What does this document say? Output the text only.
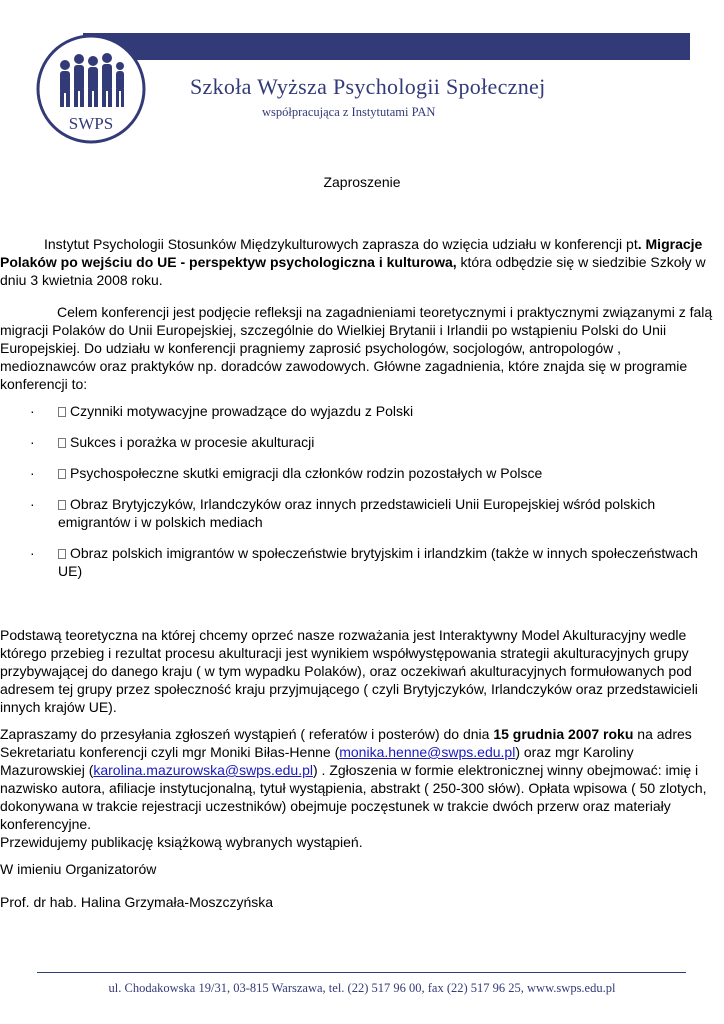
SWPS

Szkoła Wyższa Psychologii Społecznej

współpracująca z Instytutami PAN

Zaproszenie

Instytut Psychologii Stosunków Międzykulturowych zaprasza do wzięcia udziału w konferencji pt. Migracje Polaków po wejściu do UE - perspektyw psychologiczna i kulturowa, która odbędzie się w siedzibie Szkoły w dniu 3 kwietnia 2008 roku.

Celem konferencji jest podjęcie refleksji na zagadnieniami teoretycznymi i praktycznymi związanymi z falą migracji Polaków do Unii Europejskiej, szczególnie do Wielkiej Brytanii i Irlandii po wstąpieniu Polski do Unii Europejskiej. Do udziału w konferencji pragniemy zaprosić psychologów, socjologów, antropologów , medioznawców oraz praktyków np. doradców zawodowych. Główne zagadnienia, które znajda się w programie konferencji to:

·	Czynniki motywacyjne prowadzące do wyjazdu z Polski
·	Sukces i porażka w procesie akulturacji
·	Psychospołeczne skutki emigracji dla członków rodzin pozostałych w Polsce
·	Obraz Brytyjczyków, Irlandczyków oraz innych przedstawicieli Unii Europejskiej wśród polskich emigrantów i w polskich mediach
·	Obraz polskich imigrantów w społeczeństwie brytyjskim i irlandzkim (także w innych społeczeństwach UE)

Podstawą teoretyczna na której chcemy oprzeć nasze rozważania jest Interaktywny Model Akulturacyjny wedle którego przebieg i rezultat procesu akulturacji jest wynikiem współwystępowania strategii akulturacyjnych grupy przybywającej do danego kraju ( w tym wypadku Polaków), oraz oczekiwań akulturacyjnych formułowanych pod adresem tej grupy przez społeczność kraju przyjmującego ( czyli Brytyjczyków, Irlandczyków oraz przedstawicieli innych krajów UE).

Zapraszamy do przesyłania zgłoszeń wystąpień ( referatów i posterów) do dnia 15 grudnia 2007 roku na adres Sekretariatu konferencji czyli mgr Moniki Biłas-Henne (monika.henne@swps.edu.pl) oraz mgr Karoliny Mazurowskiej (karolina.mazurowska@swps.edu.pl) . Zgłoszenia w formie elektronicznej winny obejmować: imię i nazwisko autora, afiliacje instytucjonalną, tytuł wystąpienia, abstrakt ( 250-300 słów). Opłata wpisowa ( 50 zlotych, dokonywana w trakcie rejestracji uczestników) obejmuje poczęstunek w trakcie dwóch przerw oraz materiały konferencyjne.
Przewidujemy publikację książkową wybranych wystąpień.

W imieniu Organizatorów

Prof. dr hab. Halina Grzymała-Moszczyńska

ul. Chodakowska 19/31, 03-815 Warszawa, tel. (22) 517 96 00, fax (22) 517 96 25, www.swps.edu.pl
